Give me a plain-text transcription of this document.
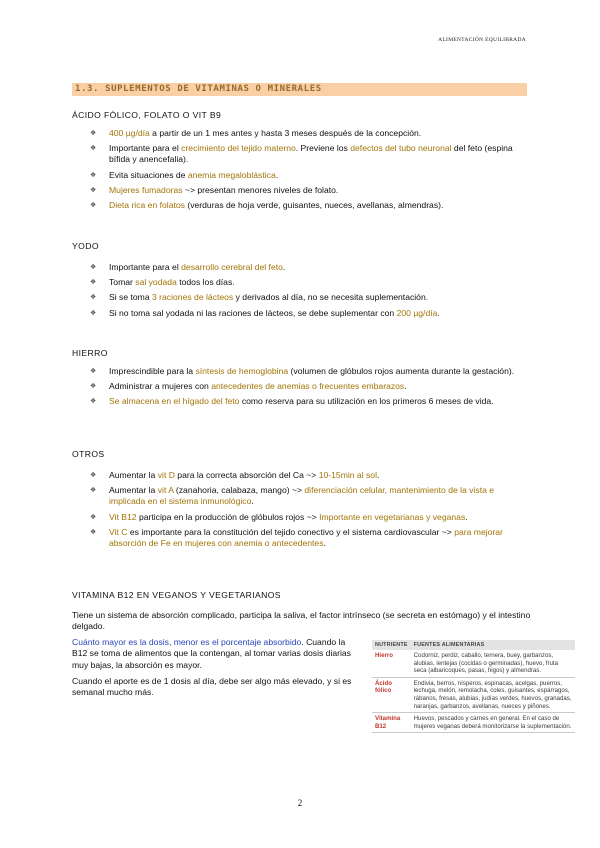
ALIMENTACIÓN EQUILIBRADA
1.3. SUPLEMENTOS DE VITAMINAS O MINERALES
ÁCIDO FÓLICO, FOLATO O VIT B9
❖ 400 µg/día a partir de un 1 mes antes y hasta 3 meses después de la concepción.
❖ Importante para el crecimiento del tejido materno. Previene los defectos del tubo neuronal del feto (espina bífida y anencefalia).
❖ Evita situaciones de anemia megaloblástica.
❖ Mujeres fumadoras ~> presentan menores niveles de folato.
❖ Dieta rica en folatos (verduras de hoja verde, guisantes, nueces, avellanas, almendras).
YODO
❖ Importante para el desarrollo cerebral del feto.
❖ Tomar sal yodada todos los días.
❖ Si se toma 3 raciones de lácteos y derivados al día, no se necesita suplementación.
❖ Si no toma sal yodada ni las raciones de lácteos, se debe suplementar con 200 µg/día.
HIERRO
❖ Imprescindible para la síntesis de hemoglobina (volumen de glóbulos rojos aumenta durante la gestación).
❖ Administrar a mujeres con antecedentes de anemias o frecuentes embarazos.
❖ Se almacena en el hígado del feto como reserva para su utilización en los primeros 6 meses de vida.
OTROS
❖ Aumentar la vit D para la correcta absorción del Ca ~> 10-15min al sol.
❖ Aumentar la vit A (zanahoria, calabaza, mango) ~> diferenciación celular, mantenimiento de la vista e implicada en el sistema inmunológico.
❖ Vit B12 participa en la producción de glóbulos rojos ~> Importante en vegetarianas y veganas.
❖ Vit C es importante para la constitución del tejido conectivo y el sistema cardiovascular ~> para mejorar absorción de Fe en mujeres con anemia o antecedentes.
VITAMINA B12 EN VEGANOS Y VEGETARIANOS
Tiene un sistema de absorción complicado, participa la saliva, el factor intrínseco (se secreta en estómago) y el intestino delgado.
Cuánto mayor es la dosis, menor es el porcentaje absorbido. Cuando la B12 se toma de alimentos que la contengan, al tomar varias dosis diarias muy bajas, la absorción es mayor.
Cuando el aporte es de 1 dosis al día, debe ser algo más elevado, y si es semanal mucho más.
NUTRIENTE	FUENTES ALIMENTARIAS
Hierro	Codorniz, perdiz, caballo, ternera, buey, garbanzos, alubias, lentejas (cocidas o germinadas), huevo, fruta seca (albaricoques, pasas, higos) y almendras.
Ácido fólico	Endivia, berros, nísperos, espinacas, acelgas, puerros, lechuga, melón, remolacha, coles, guisantes, espárragos, rábanos, fresas, alubias, judías verdes, huevos, granadas, naranjas, garbanzos, avellanas, nueces y piñones.
Vitamina B12	Huevos, pescados y carnes en general. En el caso de mujeres veganas deberá monitorizarse la suplementación.
2
